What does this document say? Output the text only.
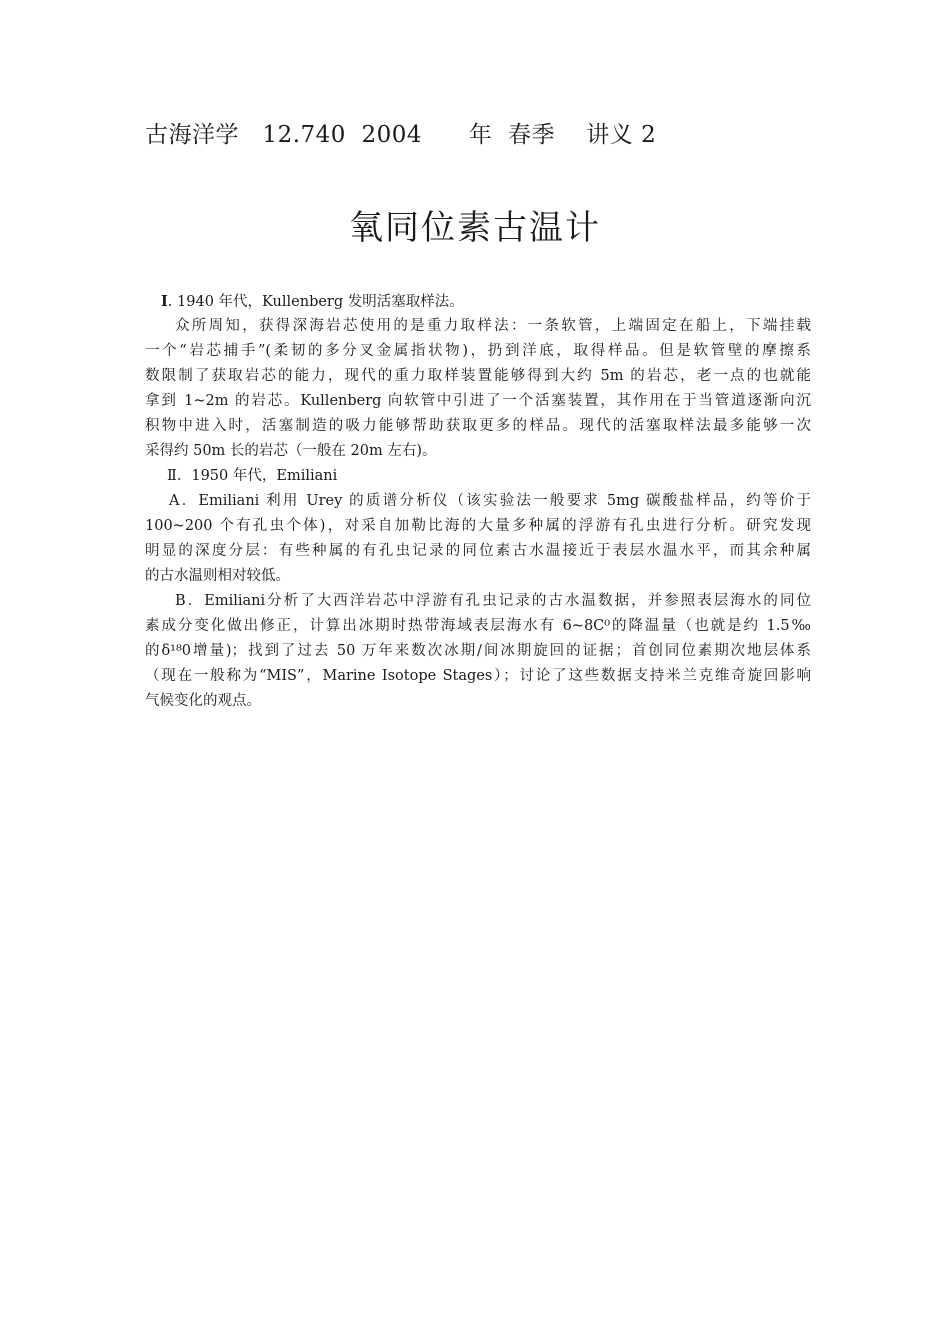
古海洋学   12.740  2004      年  春季    讲义 2
氧同位素古温计
I. 1940 年代，Kullenberg 发明活塞取样法。
众所周知，获得深海岩芯使用的是重力取样法：一条软管，上端固定在船上，下端挂载
一个“岩芯捕手”(柔韧的多分叉金属指状物)，扔到洋底，取得样品。但是软管壁的摩擦系
数限制了获取岩芯的能力，现代的重力取样装置能够得到大约 5m 的岩芯，老一点的也就能
拿到 1~2m 的岩芯。Kullenberg 向软管中引进了一个活塞装置，其作用在于当管道逐渐向沉
积物中进入时，活塞制造的吸力能够帮助获取更多的样品。现代的活塞取样法最多能够一次
采得约 50m 长的岩芯（一般在 20m 左右)。
Ⅱ．1950 年代，Emiliani
A．Emiliani 利用 Urey 的质谱分析仪（该实验法一般要求 5mg 碳酸盐样品，约等价于
100~200 个有孔虫个体)，对采自加勒比海的大量多种属的浮游有孔虫进行分析。研究发现
明显的深度分层：有些种属的有孔虫记录的同位素古水温接近于表层水温水平，而其余种属
的古水温则相对较低。
B．Emiliani分析了大西洋岩芯中浮游有孔虫记录的古水温数据，并参照表层海水的同位
素成分变化做出修正，计算出冰期时热带海域表层海水有 6~8C⁰的降温量（也就是约 1.5‰
的δ¹⁸0增量)；找到了过去 50 万年来数次冰期/间冰期旋回的证据；首创同位素期次地层体系
（现在一般称为“MIS”，Marine Isotope Stages）；讨论了这些数据支持米兰克维奇旋回影响
气候变化的观点。
